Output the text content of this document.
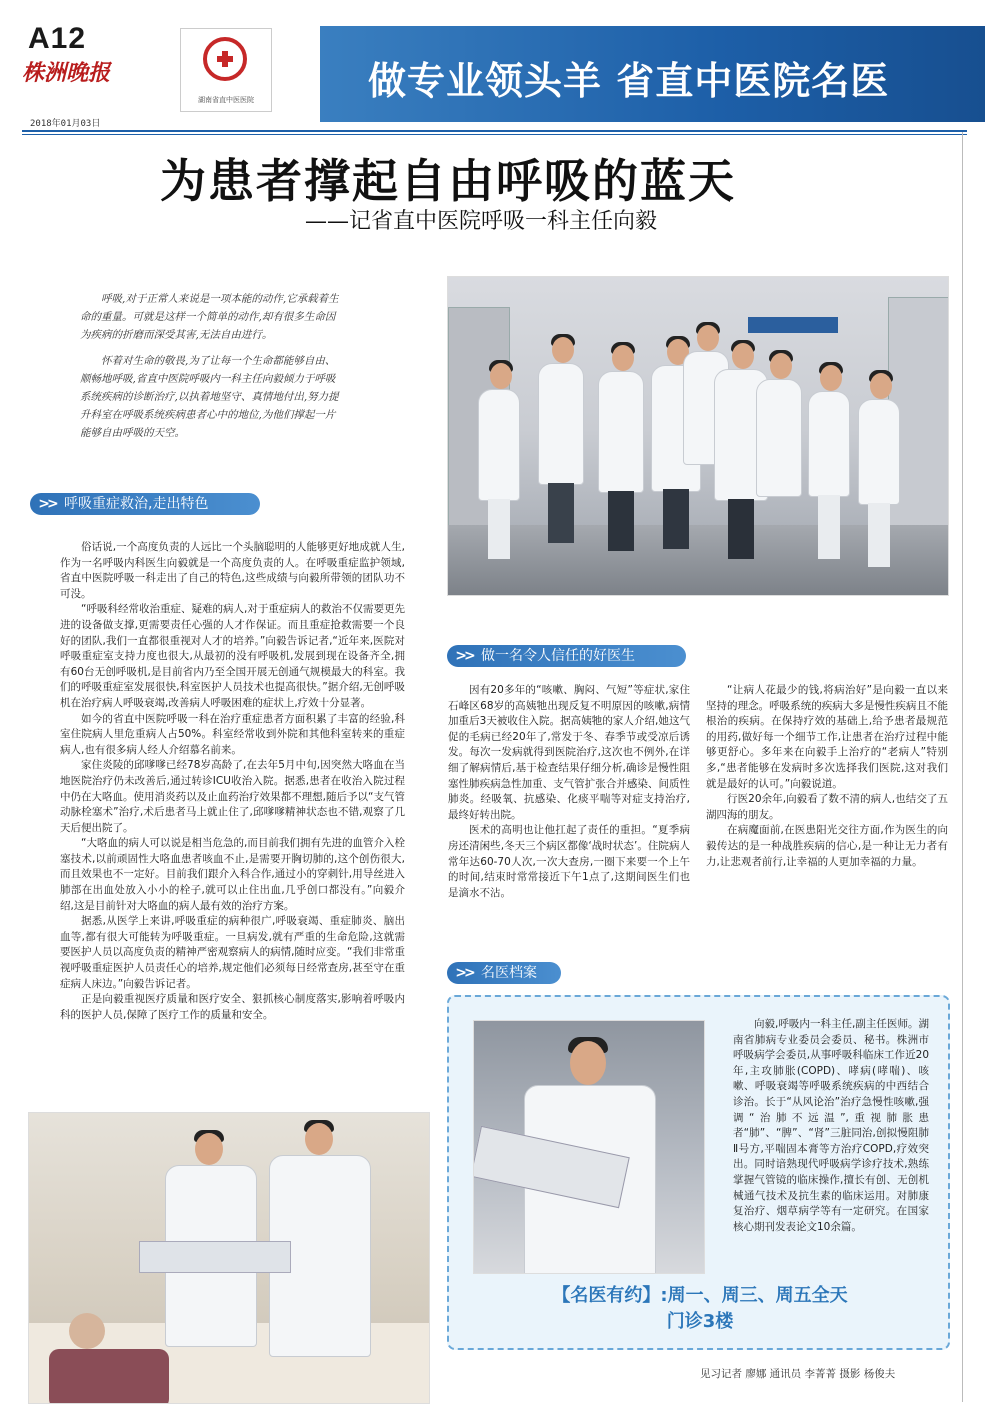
A12
株洲晚报
2018年01月03日
湖南省直中医医院	做专业领头羊 省直中医院名医
为患者撑起自由呼吸的蓝天
——记省直中医院呼吸一科主任向毅

呼吸,对于正常人来说是一项本能的动作,它承载着生命的重量。可就是这样一个简单的动作,却有很多生命因为疾病的折磨而深受其害,无法自由进行。

怀着对生命的敬畏,为了让每一个生命都能够自由、顺畅地呼吸,省直中医院呼吸内一科主任向毅倾力于呼吸系统疾病的诊断治疗,以执着地坚守、真情地付出,努力提升科室在呼吸系统疾病患者心中的地位,为他们撑起一片能够自由呼吸的天空。

>> 呼吸重症救治,走出特色

俗话说,一个高度负责的人远比一个头脑聪明的人能够更好地成就人生,作为一名呼吸内科医生向毅就是一个高度负责的人。在呼吸重症监护领域,省直中医院呼吸一科走出了自己的特色,这些成绩与向毅所带领的团队功不可没。

“呼吸科经常收治重症、疑难的病人,对于重症病人的救治不仅需要更先进的设备做支撑,更需要责任心强的人才作保证。而且重症抢救需要一个良好的团队,我们一直都很重视对人才的培养。”向毅告诉记者,“近年来,医院对呼吸重症室支持力度也很大,从最初的没有呼吸机,发展到现在设备齐全,拥有60台无创呼吸机,是目前省内乃至全国开展无创通气规模最大的科室。我们的呼吸重症室发展很快,科室医护人员技术也提高很快。”据介绍,无创呼吸机在治疗病人呼吸衰竭,改善病人呼吸困难的症状上,疗效十分显著。

如今的省直中医院呼吸一科在治疗重症患者方面积累了丰富的经验,科室住院病人里危重病人占50%。科室经常收到外院和其他科室转来的重症病人,也有很多病人经人介绍慕名前来。

家住炎陵的邱嗲嗲已经78岁高龄了,在去年5月中旬,因突然大咯血在当地医院治疗仍未改善后,通过转诊ICU收治入院。据悉,患者在收治入院过程中仍在大咯血。使用消炎药以及止血药治疗效果都不理想,随后予以“支气管动脉栓塞术”治疗,术后患者马上就止住了,邱嗲嗲精神状态也不错,观察了几天后便出院了。

“大咯血的病人可以说是相当危急的,而目前我们拥有先进的血管介入栓塞技术,以前顽固性大咯血患者咳血不止,是需要开胸切肺的,这个创伤很大,而且效果也不一定好。目前我们跟介入科合作,通过小的穿刺针,用导丝进入肺部在出血处放入小小的栓子,就可以止住出血,几乎创口都没有。”向毅介绍,这是目前针对大咯血的病人最有效的治疗方案。

据悉,从医学上来讲,呼吸重症的病种很广,呼吸衰竭、重症肺炎、脑出血等,都有很大可能转为呼吸重症。一旦病发,就有严重的生命危险,这就需要医护人员以高度负责的精神严密观察病人的病情,随时应变。“我们非常重视呼吸重症医护人员责任心的培养,规定他们必须每日经常查房,甚至守在重症病人床边。”向毅告诉记者。

正是向毅重视医疗质量和医疗安全、狠抓核心制度落实,影响着呼吸内科的医护人员,保障了医疗工作的质量和安全。

>> 做一名令人信任的好医生

因有20多年的“咳嗽、胸闷、气短”等症状,家住石峰区68岁的高姨牠出现反复不明原因的咳嗽,病情加重后3天被收住入院。据高姨牠的家人介绍,她这气促的毛病已经20年了,常发于冬、春季节或受凉后诱发。每次一发病就得到医院治疗,这次也不例外,在详细了解病情后,基于检查结果仔细分析,确诊是慢性阻塞性肺疾病急性加重、支气管扩张合并感染、间质性肺炎。经吸氧、抗感染、化痰平喘等对症支持治疗,最终好转出院。

医术的高明也让他扛起了责任的重担。“夏季病房还清闲些,冬天三个病区都像‘战时状态’。住院病人常年达60-70人次,一次大查房,一圈下来要一个上午的时间,结束时常常接近下午1点了,这期间医生们也是滴水不沾。

“让病人花最少的钱,将病治好”是向毅一直以来坚持的理念。呼吸系统的疾病大多是慢性疾病且不能根治的疾病。在保持疗效的基础上,给予患者最规范的用药,做好每一个细节工作,让患者在治疗过程中能够更舒心。多年来在向毅手上治疗的“老病人”特别多,“患者能够在发病时多次选择我们医院,这对我们就是最好的认可。”向毅说道。

行医20余年,向毅看了数不清的病人,也结交了五湖四海的朋友。

在病魔面前,在医患阳光交往方面,作为医生的向毅传达的是一种战胜疾病的信心,是一种让无力者有力,让悲观者前行,让幸福的人更加幸福的力量。

>> 名医档案

向毅,呼吸内一科主任,副主任医师。湖南省肺病专业委员会委员、秘书。株洲市呼吸病学会委员,从事呼吸科临床工作近20年,主攻肺胀(COPD)、哮病(哮喘)、咳嗽、呼吸衰竭等呼吸系统疾病的中西结合诊治。长于“从风论治”治疗急慢性咳嗽,强调“治肺不远温”,重视肺胀患者“肺”、“脾”、“肾”三脏同治,创拟慢阻肺Ⅱ号方,平喘固本膏等方治疗COPD,疗效突出。同时谙熟现代呼吸病学诊疗技术,熟练掌握气管镜的临床操作,擅长有创、无创机械通气技术及抗生素的临床运用。对肺康复治疗、烟草病学等有一定研究。在国家核心期刊发表论文10余篇。

【名医有约】:周一、周三、周五全天
门诊3楼
见习记者 廖娜 通讯员 李菁菁 摄影 杨俊夫
